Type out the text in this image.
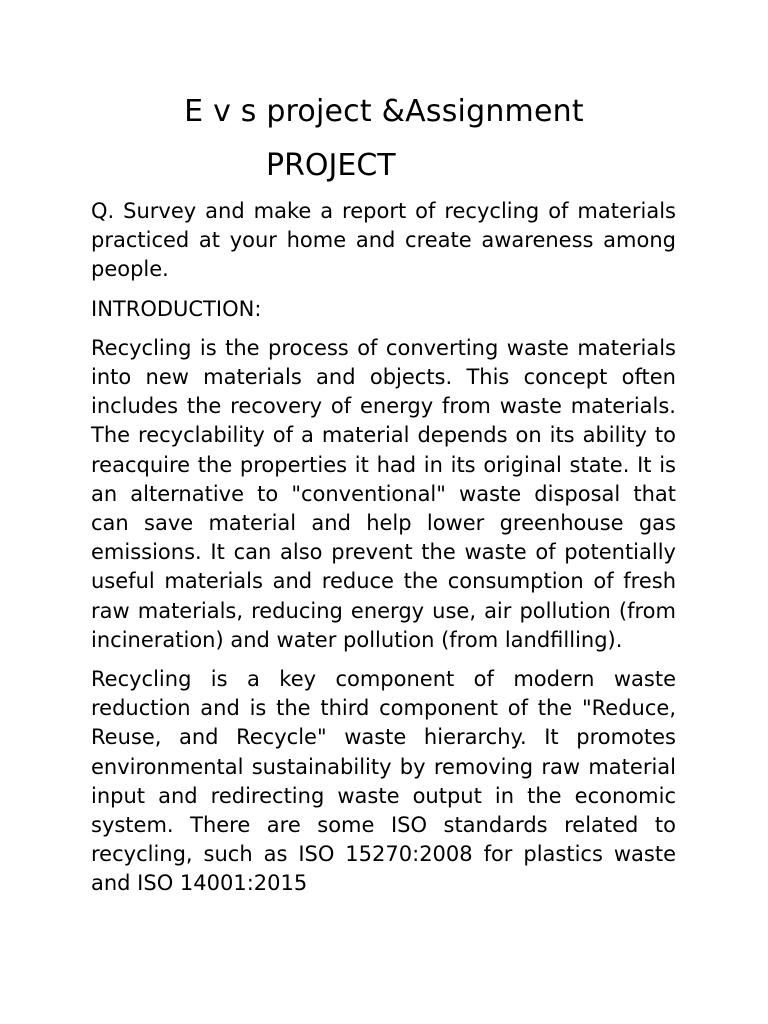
E v s project &Assignment
PROJECT

Q. Survey and make a report of recycling of materials practiced at your home and create awareness among people.

INTRODUCTION:

Recycling is the process of converting waste materials into new materials and objects. This concept often includes the recovery of energy from waste materials. The recyclability of a material depends on its ability to reacquire the properties it had in its original state. It is an alternative to "conventional" waste disposal that can save material and help lower greenhouse gas emissions. It can also prevent the waste of potentially useful materials and reduce the consumption of fresh raw materials, reducing energy use, air pollution (from incineration) and water pollution (from landfilling).

Recycling is a key component of modern waste reduction and is the third component of the "Reduce, Reuse, and Recycle" waste hierarchy. It promotes environmental sustainability by removing raw material input and redirecting waste output in the economic system. There are some ISO standards related to recycling, such as ISO 15270:2008 for plastics waste and ISO 14001:2015
